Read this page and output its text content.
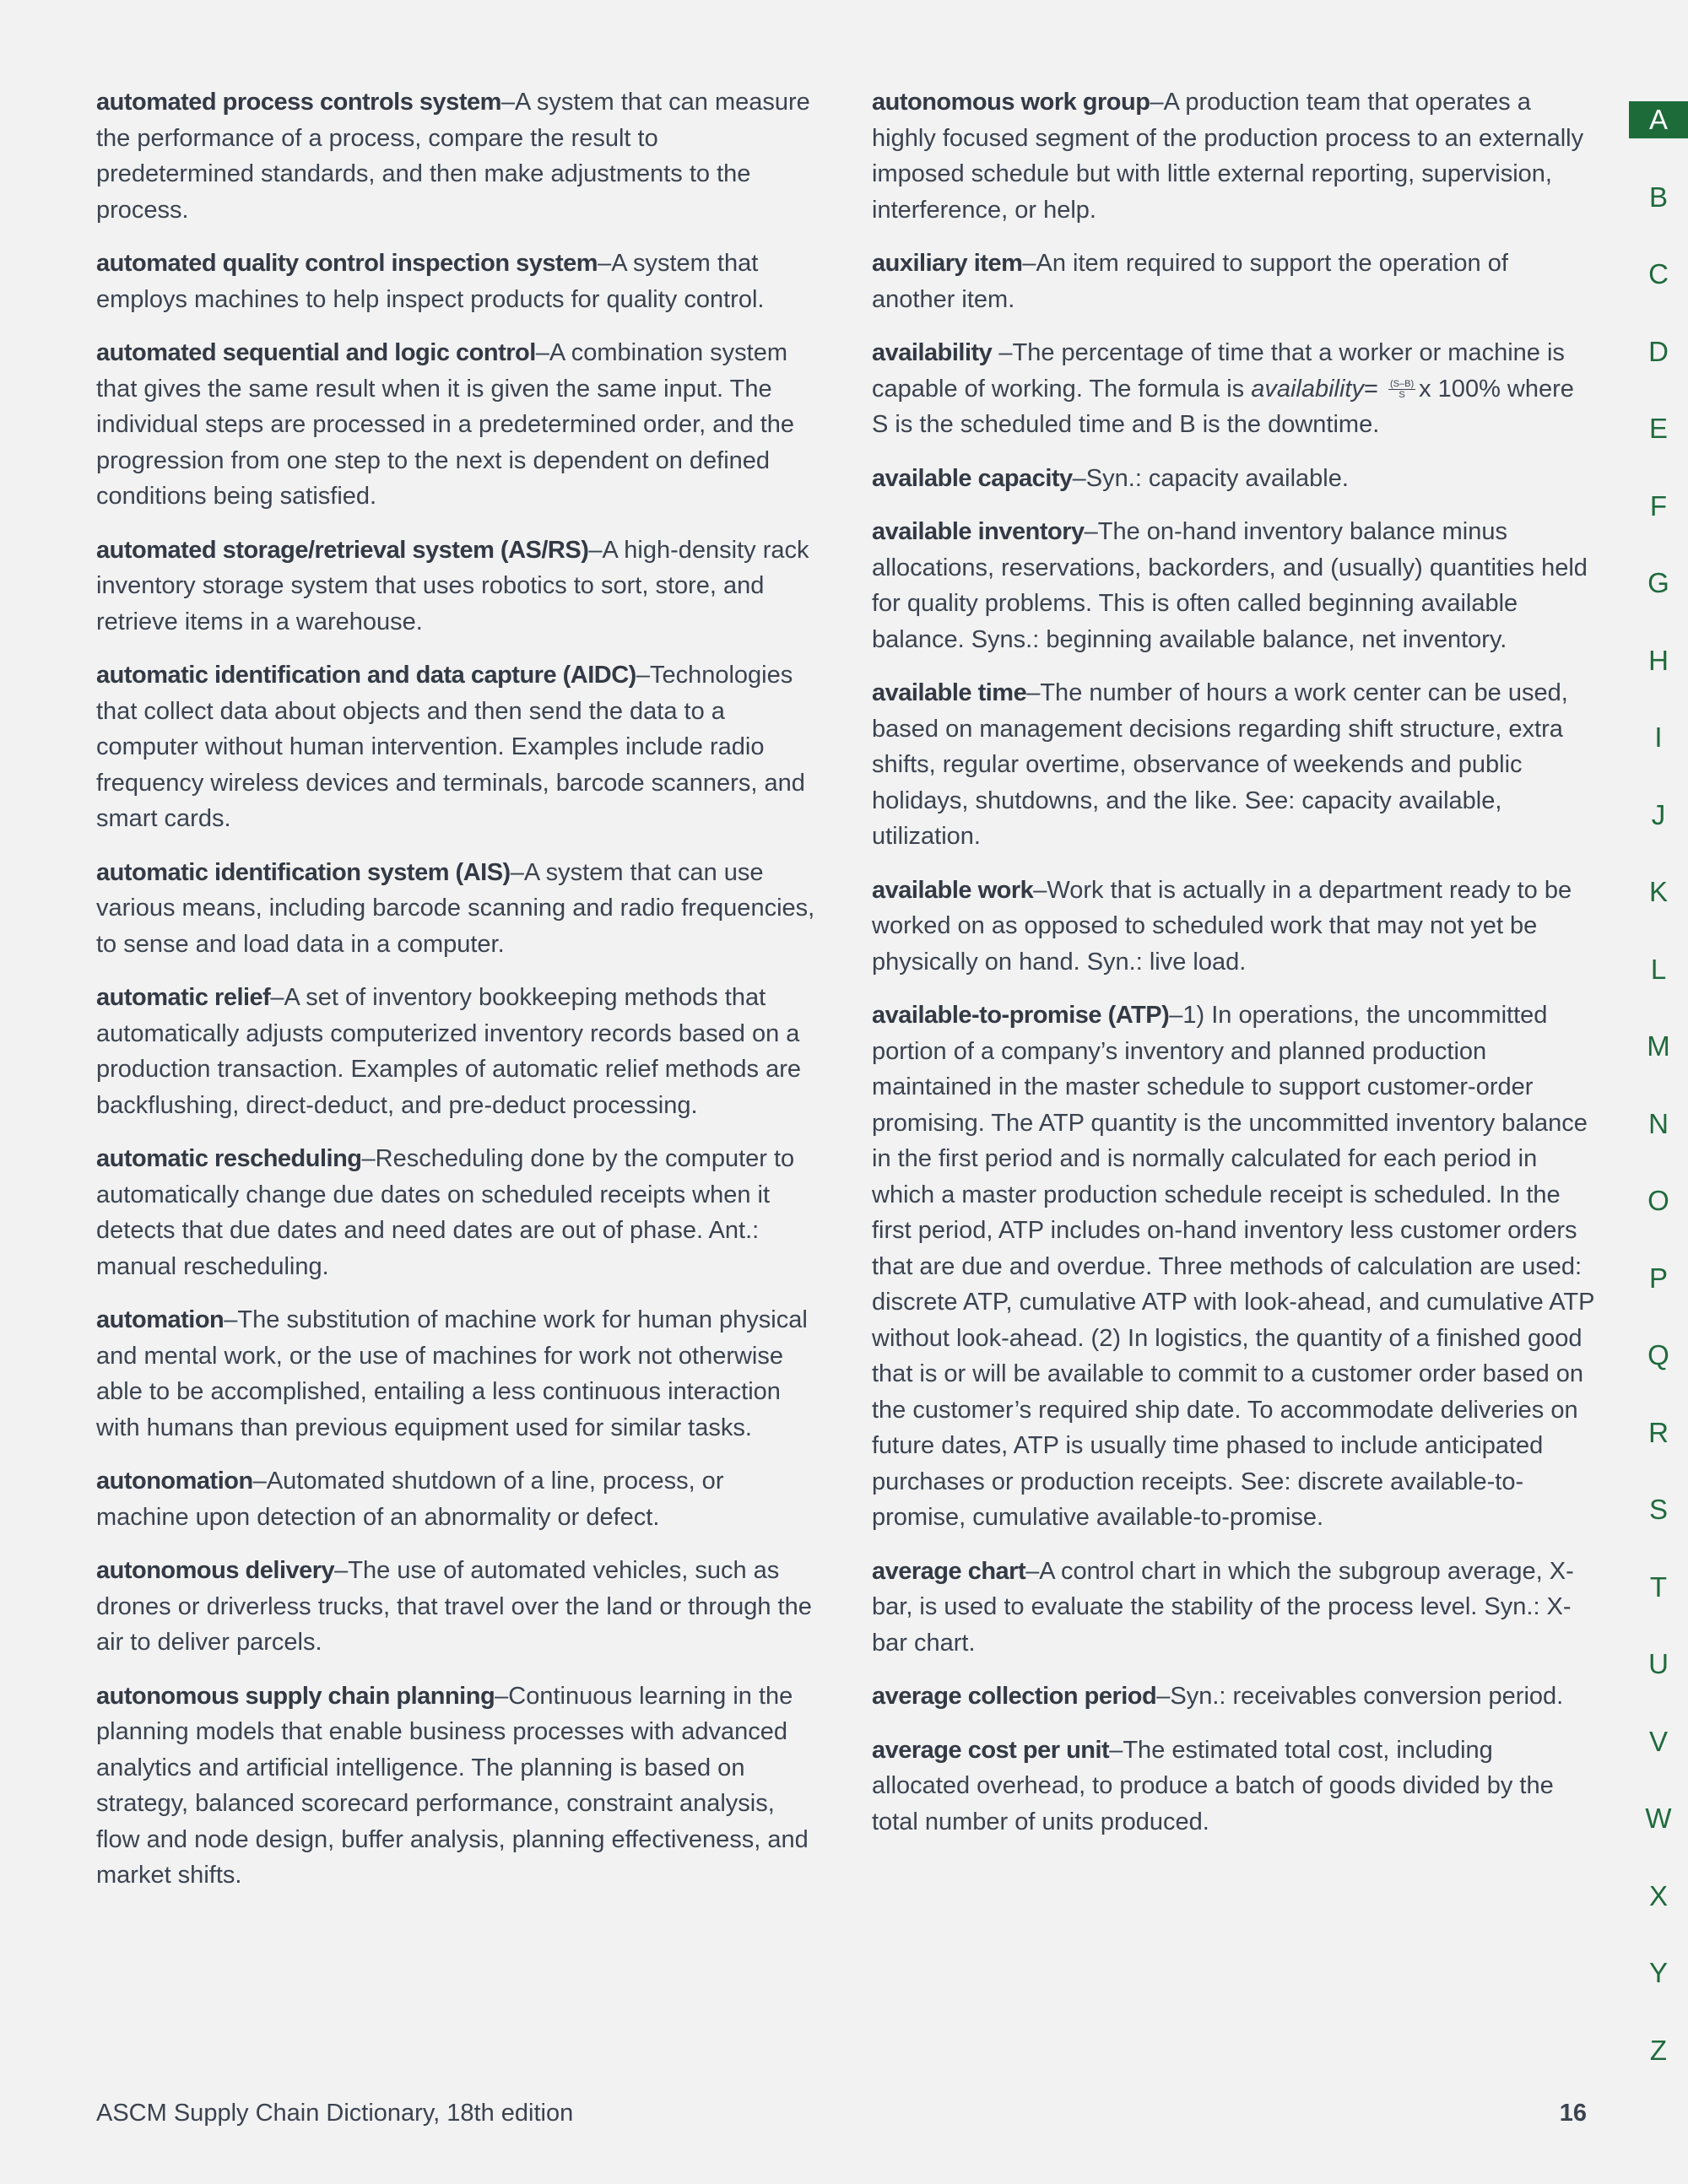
automated process controls system–A system that can measure the performance of a process, compare the result to predetermined standards, and then make adjustments to the process.

automated quality control inspection system–A system that employs machines to help inspect products for quality control.

automated sequential and logic control–A combination system that gives the same result when it is given the same input. The individual steps are processed in a predetermined order, and the progression from one step to the next is dependent on defined conditions being satisfied.

automated storage/retrieval system (AS/RS)–A high-density rack inventory storage system that uses robotics to sort, store, and retrieve items in a warehouse.

automatic identification and data capture (AIDC)–Technologies that collect data about objects and then send the data to a computer without human intervention. Examples include radio frequency wireless devices and terminals, barcode scanners, and smart cards.

automatic identification system (AIS)–A system that can use various means, including barcode scanning and radio frequencies, to sense and load data in a computer.

automatic relief–A set of inventory bookkeeping methods that automatically adjusts computerized inventory records based on a production transaction. Examples of automatic relief methods are backflushing, direct-deduct, and pre-deduct processing.

automatic rescheduling–Rescheduling done by the computer to automatically change due dates on scheduled receipts when it detects that due dates and need dates are out of phase. Ant.: manual rescheduling.

automation–The substitution of machine work for human physical and mental work, or the use of machines for work not otherwise able to be accomplished, entailing a less continuous interaction with humans than previous equipment used for similar tasks.

autonomation–Automated shutdown of a line, process, or machine upon detection of an abnormality or defect.

autonomous delivery–The use of automated vehicles, such as drones or driverless trucks, that travel over the land or through the air to deliver parcels.

autonomous supply chain planning–Continuous learning in the planning models that enable business processes with advanced analytics and artificial intelligence. The planning is based on strategy, balanced scorecard performance, constraint analysis, flow and node design, buffer analysis, planning effectiveness, and market shifts.

autonomous work group–A production team that operates a highly focused segment of the production process to an externally imposed schedule but with little external reporting, supervision, interference, or help.

auxiliary item–An item required to support the operation of another item.

availability –The percentage of time that a worker or machine is capable of working. The formula is availability= $\frac{(S-B)}{S}$ x 100% where S is the scheduled time and B is the downtime.

available capacity–Syn.: capacity available.

available inventory–The on-hand inventory balance minus allocations, reservations, backorders, and (usually) quantities held for quality problems. This is often called beginning available balance. Syns.: beginning available balance, net inventory.

available time–The number of hours a work center can be used, based on management decisions regarding shift structure, extra shifts, regular overtime, observance of weekends and public holidays, shutdowns, and the like. See: capacity available, utilization.

available work–Work that is actually in a department ready to be worked on as opposed to scheduled work that may not yet be physically on hand. Syn.: live load.

available-to-promise (ATP)–1) In operations, the uncommitted portion of a company’s inventory and planned production maintained in the master schedule to support customer-order promising. The ATP quantity is the uncommitted inventory balance in the first period and is normally calculated for each period in which a master production schedule receipt is scheduled. In the first period, ATP includes on-hand inventory less customer orders that are due and overdue. Three methods of calculation are used: discrete ATP, cumulative ATP with look-ahead, and cumulative ATP without look-ahead. (2) In logistics, the quantity of a finished good that is or will be available to commit to a customer order based on the customer’s required ship date. To accommodate deliveries on future dates, ATP is usually time phased to include anticipated purchases or production receipts. See: discrete available-to-promise, cumulative available-to-promise.

average chart–A control chart in which the subgroup average, X-bar, is used to evaluate the stability of the process level. Syn.: X-bar chart.

average collection period–Syn.: receivables conversion period.

average cost per unit–The estimated total cost, including allocated overhead, to produce a batch of goods divided by the total number of units produced.

A
B
C
D
E
F
G
H
I
J
K
L
M
N
O
P
Q
R
S
T
U
V
W
X
Y
Z
ASCM Supply Chain Dictionary, 18th edition	16
